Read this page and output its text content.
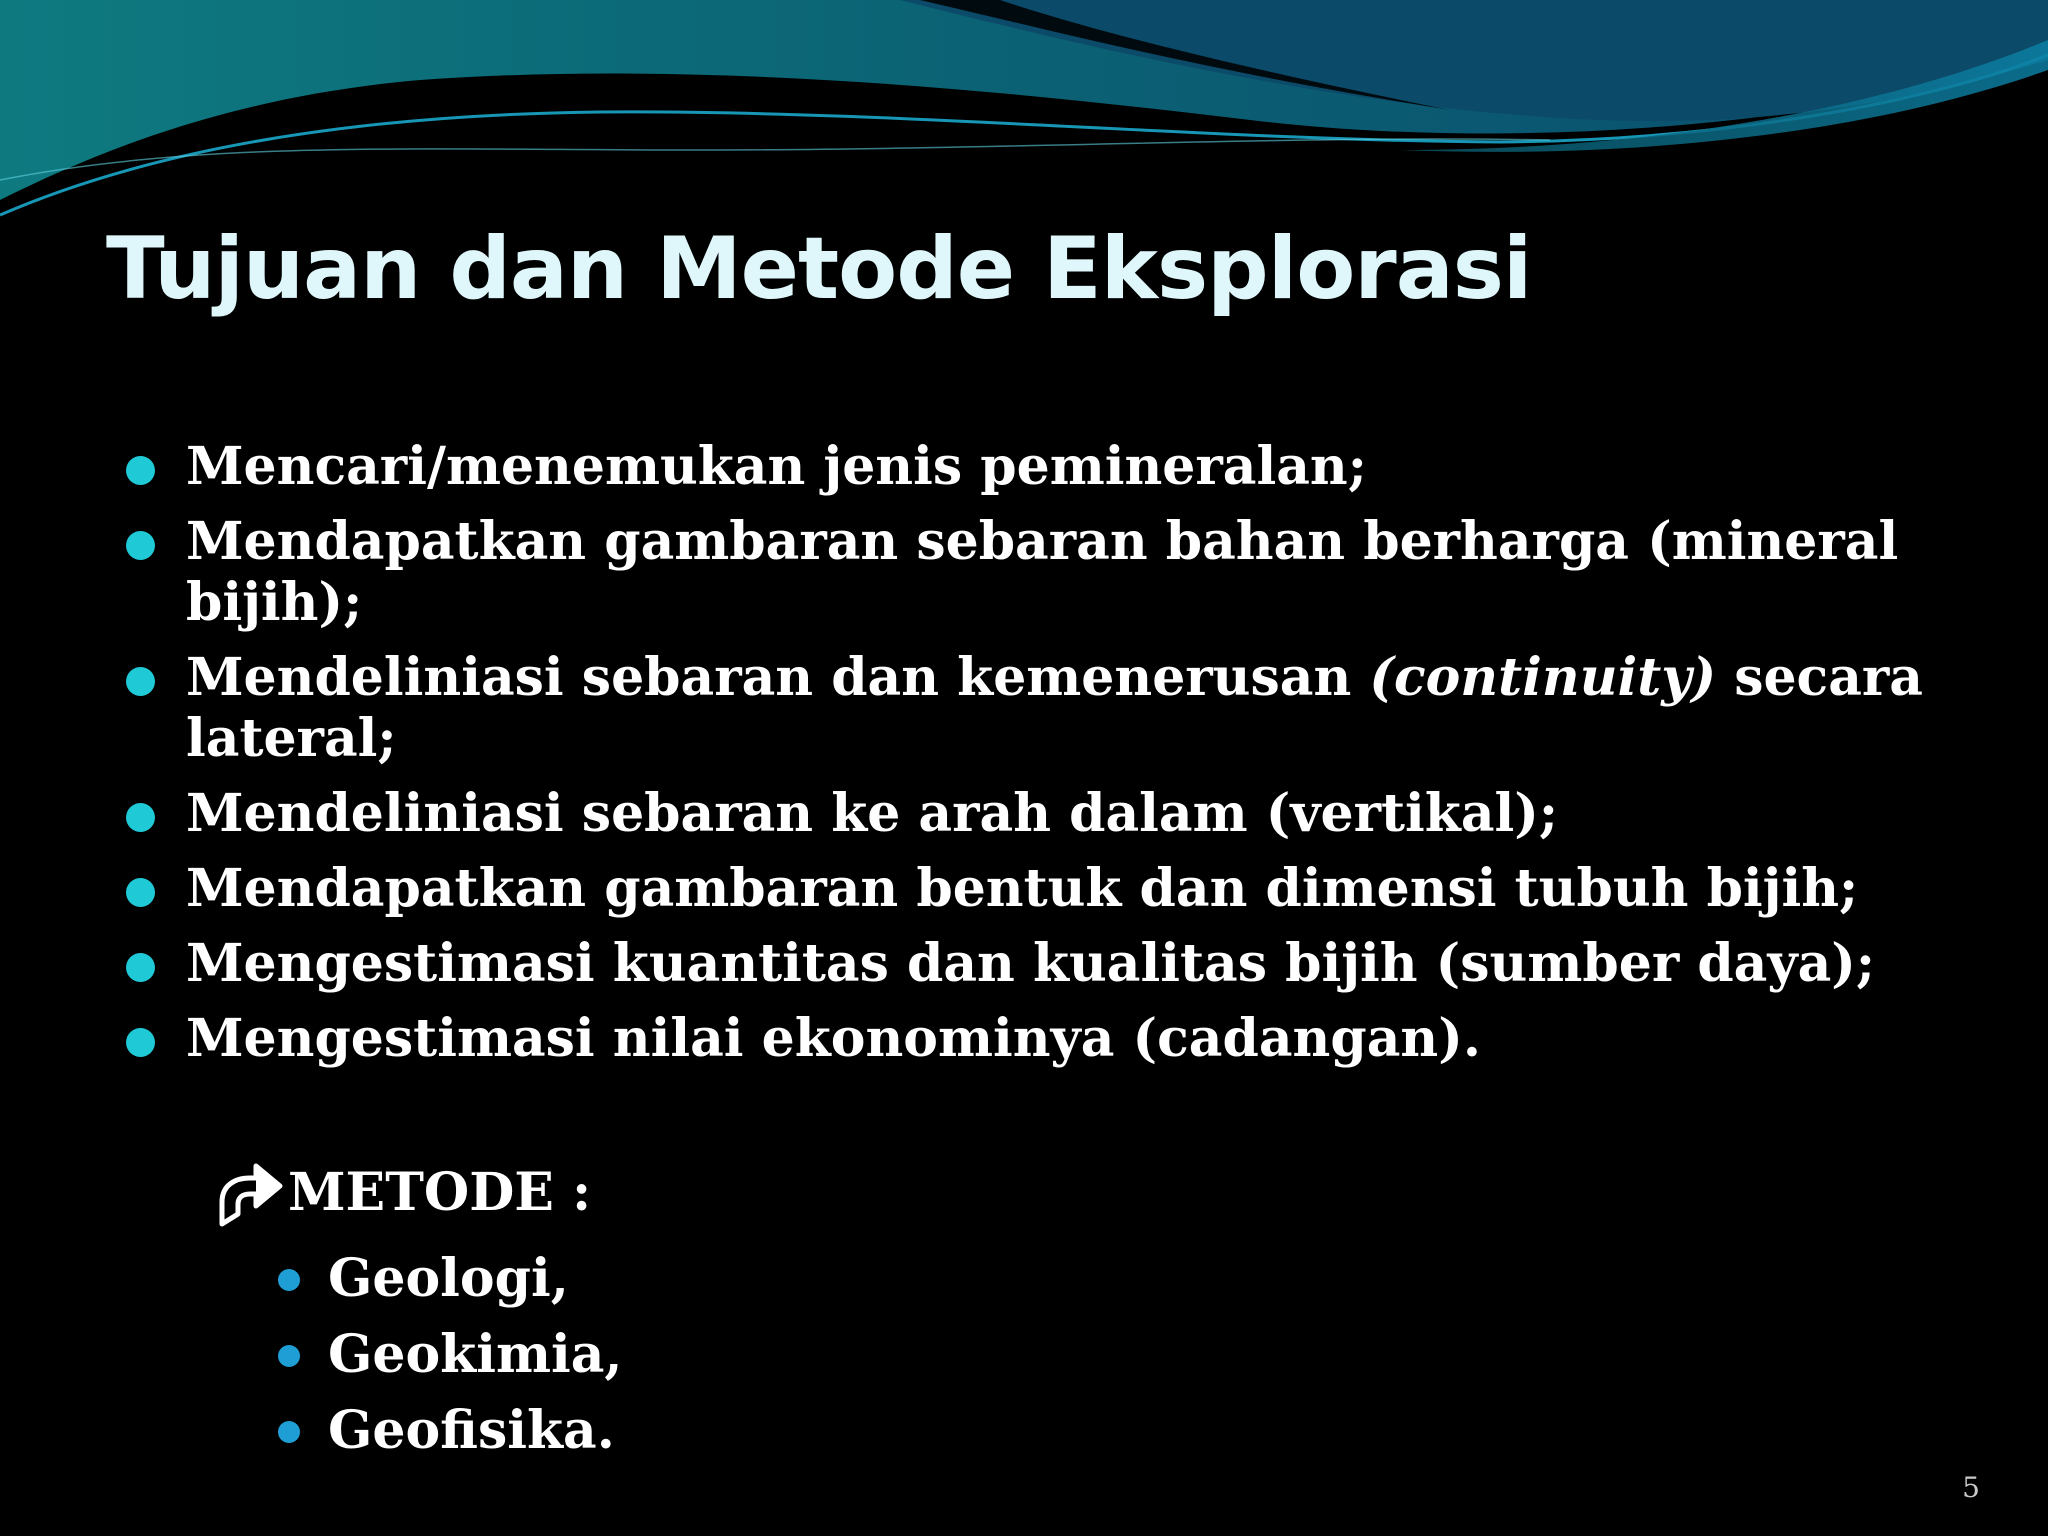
Tujuan dan Metode Eksplorasi
Mencari/menemukan jenis pemineralan;
Mendapatkan gambaran sebaran bahan berharga (mineral bijih);
Mendeliniasi sebaran dan kemenerusan (continuity) secara lateral;
Mendeliniasi sebaran ke arah dalam (vertikal);
Mendapatkan gambaran bentuk dan dimensi tubuh bijih;
Mengestimasi kuantitas dan kualitas bijih (sumber daya);
Mengestimasi nilai ekonominya (cadangan).
METODE :
Geologi,
Geokimia,
Geofisika.
5
